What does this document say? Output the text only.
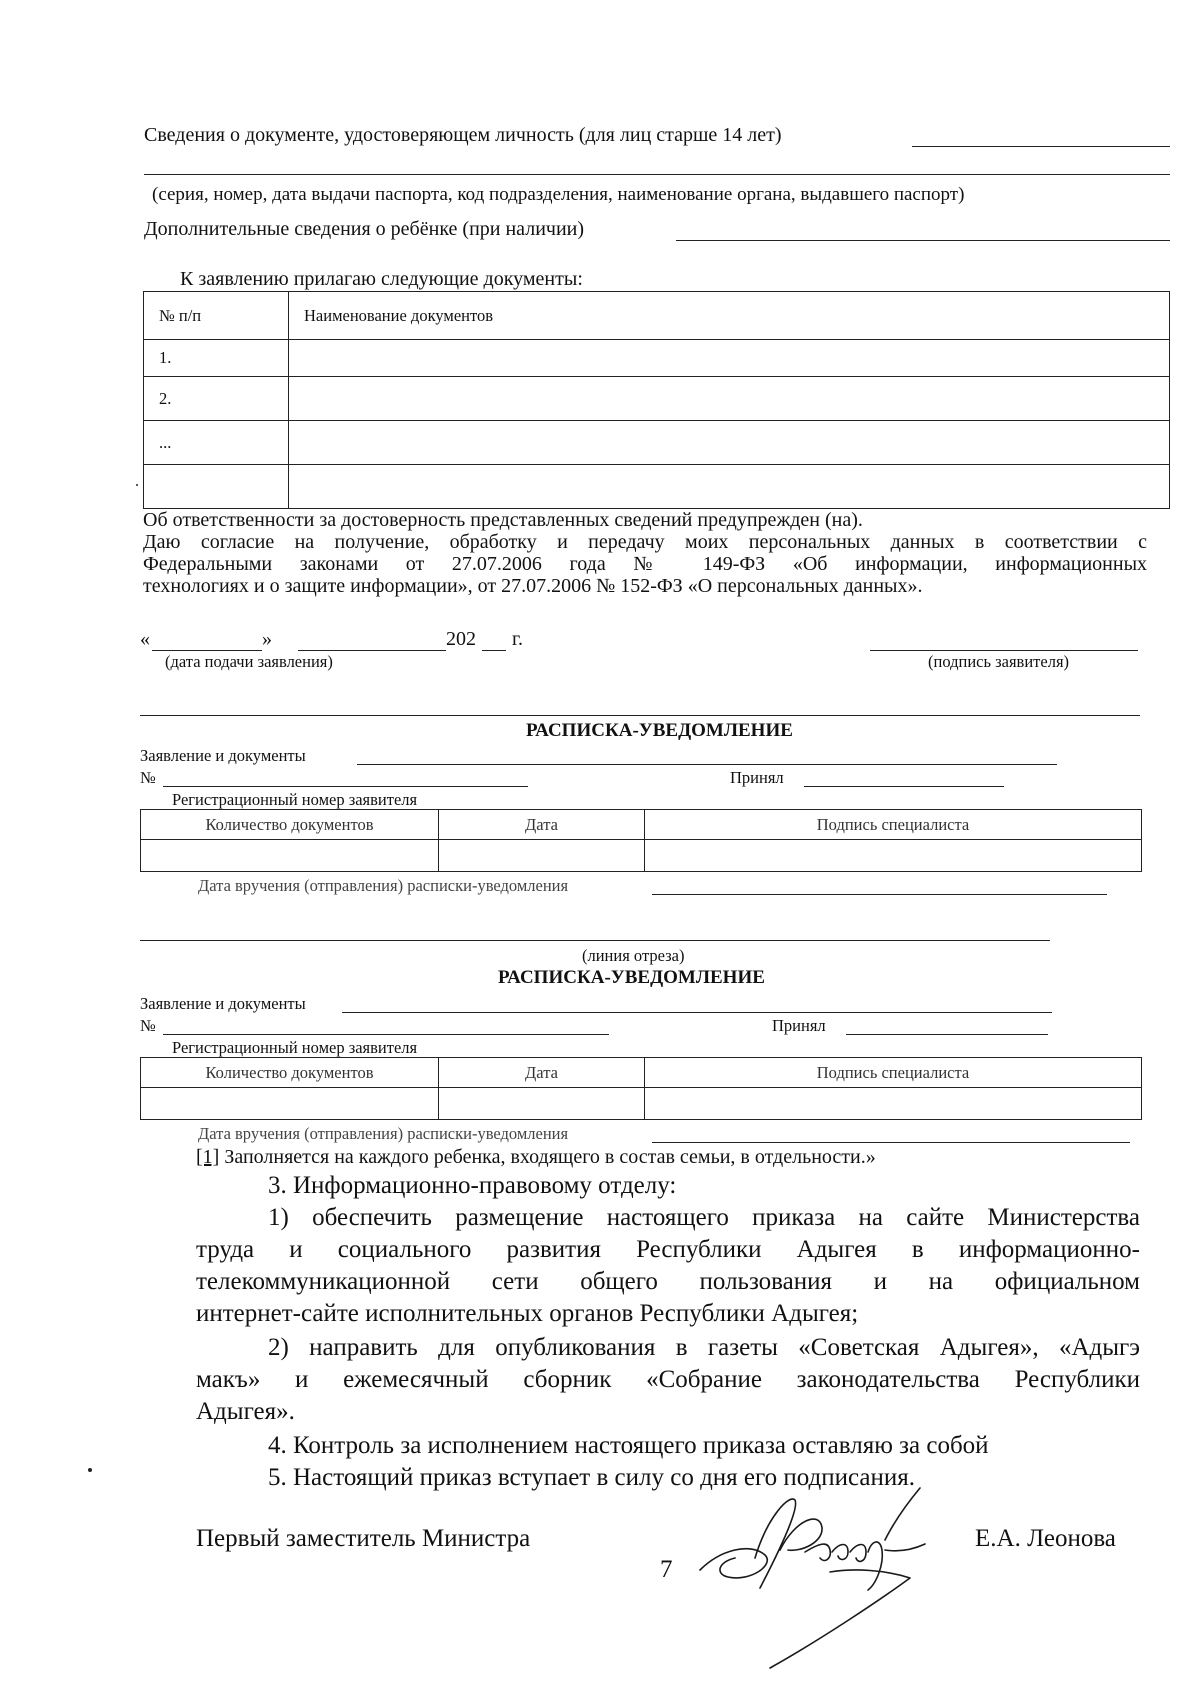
Сведения о документе, удостоверяющем личность (для лиц старше 14 лет)
(серия, номер, дата выдачи паспорта, код подразделения, наименование органа, выдавшего паспорт)
Дополнительные сведения о ребёнке (при наличии)
К заявлению прилагаю следующие документы:
№ п/п	Наименование документов
1.	
2.	
...	

Об ответственности за достоверность представленных сведений предупрежден (на).
Даю согласие на получение, обработку и передачу моих персональных данных в соответствии с
Федеральными законами от 27.07.2006 года № 149-ФЗ «Об информации, информационных
технологиях и о защите информации», от 27.07.2006 № 152-ФЗ «О персональных данных».
«	»	202 г.
(дата подачи заявления)	(подпись заявителя)
РАСПИСКА-УВЕДОМЛЕНИЕ
Заявление и документы
№	Принял
Регистрационный номер заявителя
Количество документов	Дата	Подпись специалиста

Дата вручения (отправления) расписки-уведомления
(линия отреза)
РАСПИСКА-УВЕДОМЛЕНИЕ
Заявление и документы
№	Принял
Регистрационный номер заявителя
Количество документов	Дата	Подпись специалиста

Дата вручения (отправления) расписки-уведомления
[1] Заполняется на каждого ребенка, входящего в состав семьи, в отдельности.»
3. Информационно-правовому отделу:
1) обеспечить размещение настоящего приказа на сайте Министерства
труда и социального развития Республики Адыгея в информационно-
телекоммуникационной сети общего пользования и на официальном
интернет-сайте исполнительных органов Республики Адыгея;
2) направить для опубликования в газеты «Советская Адыгея», «Адыгэ
макъ» и ежемесячный сборник «Собрание законодательства Республики
Адыгея».
4. Контроль за исполнением настоящего приказа оставляю за собой
5. Настоящий приказ вступает в силу со дня его подписания.
Первый заместитель Министра	Е.А. Леонова
7
